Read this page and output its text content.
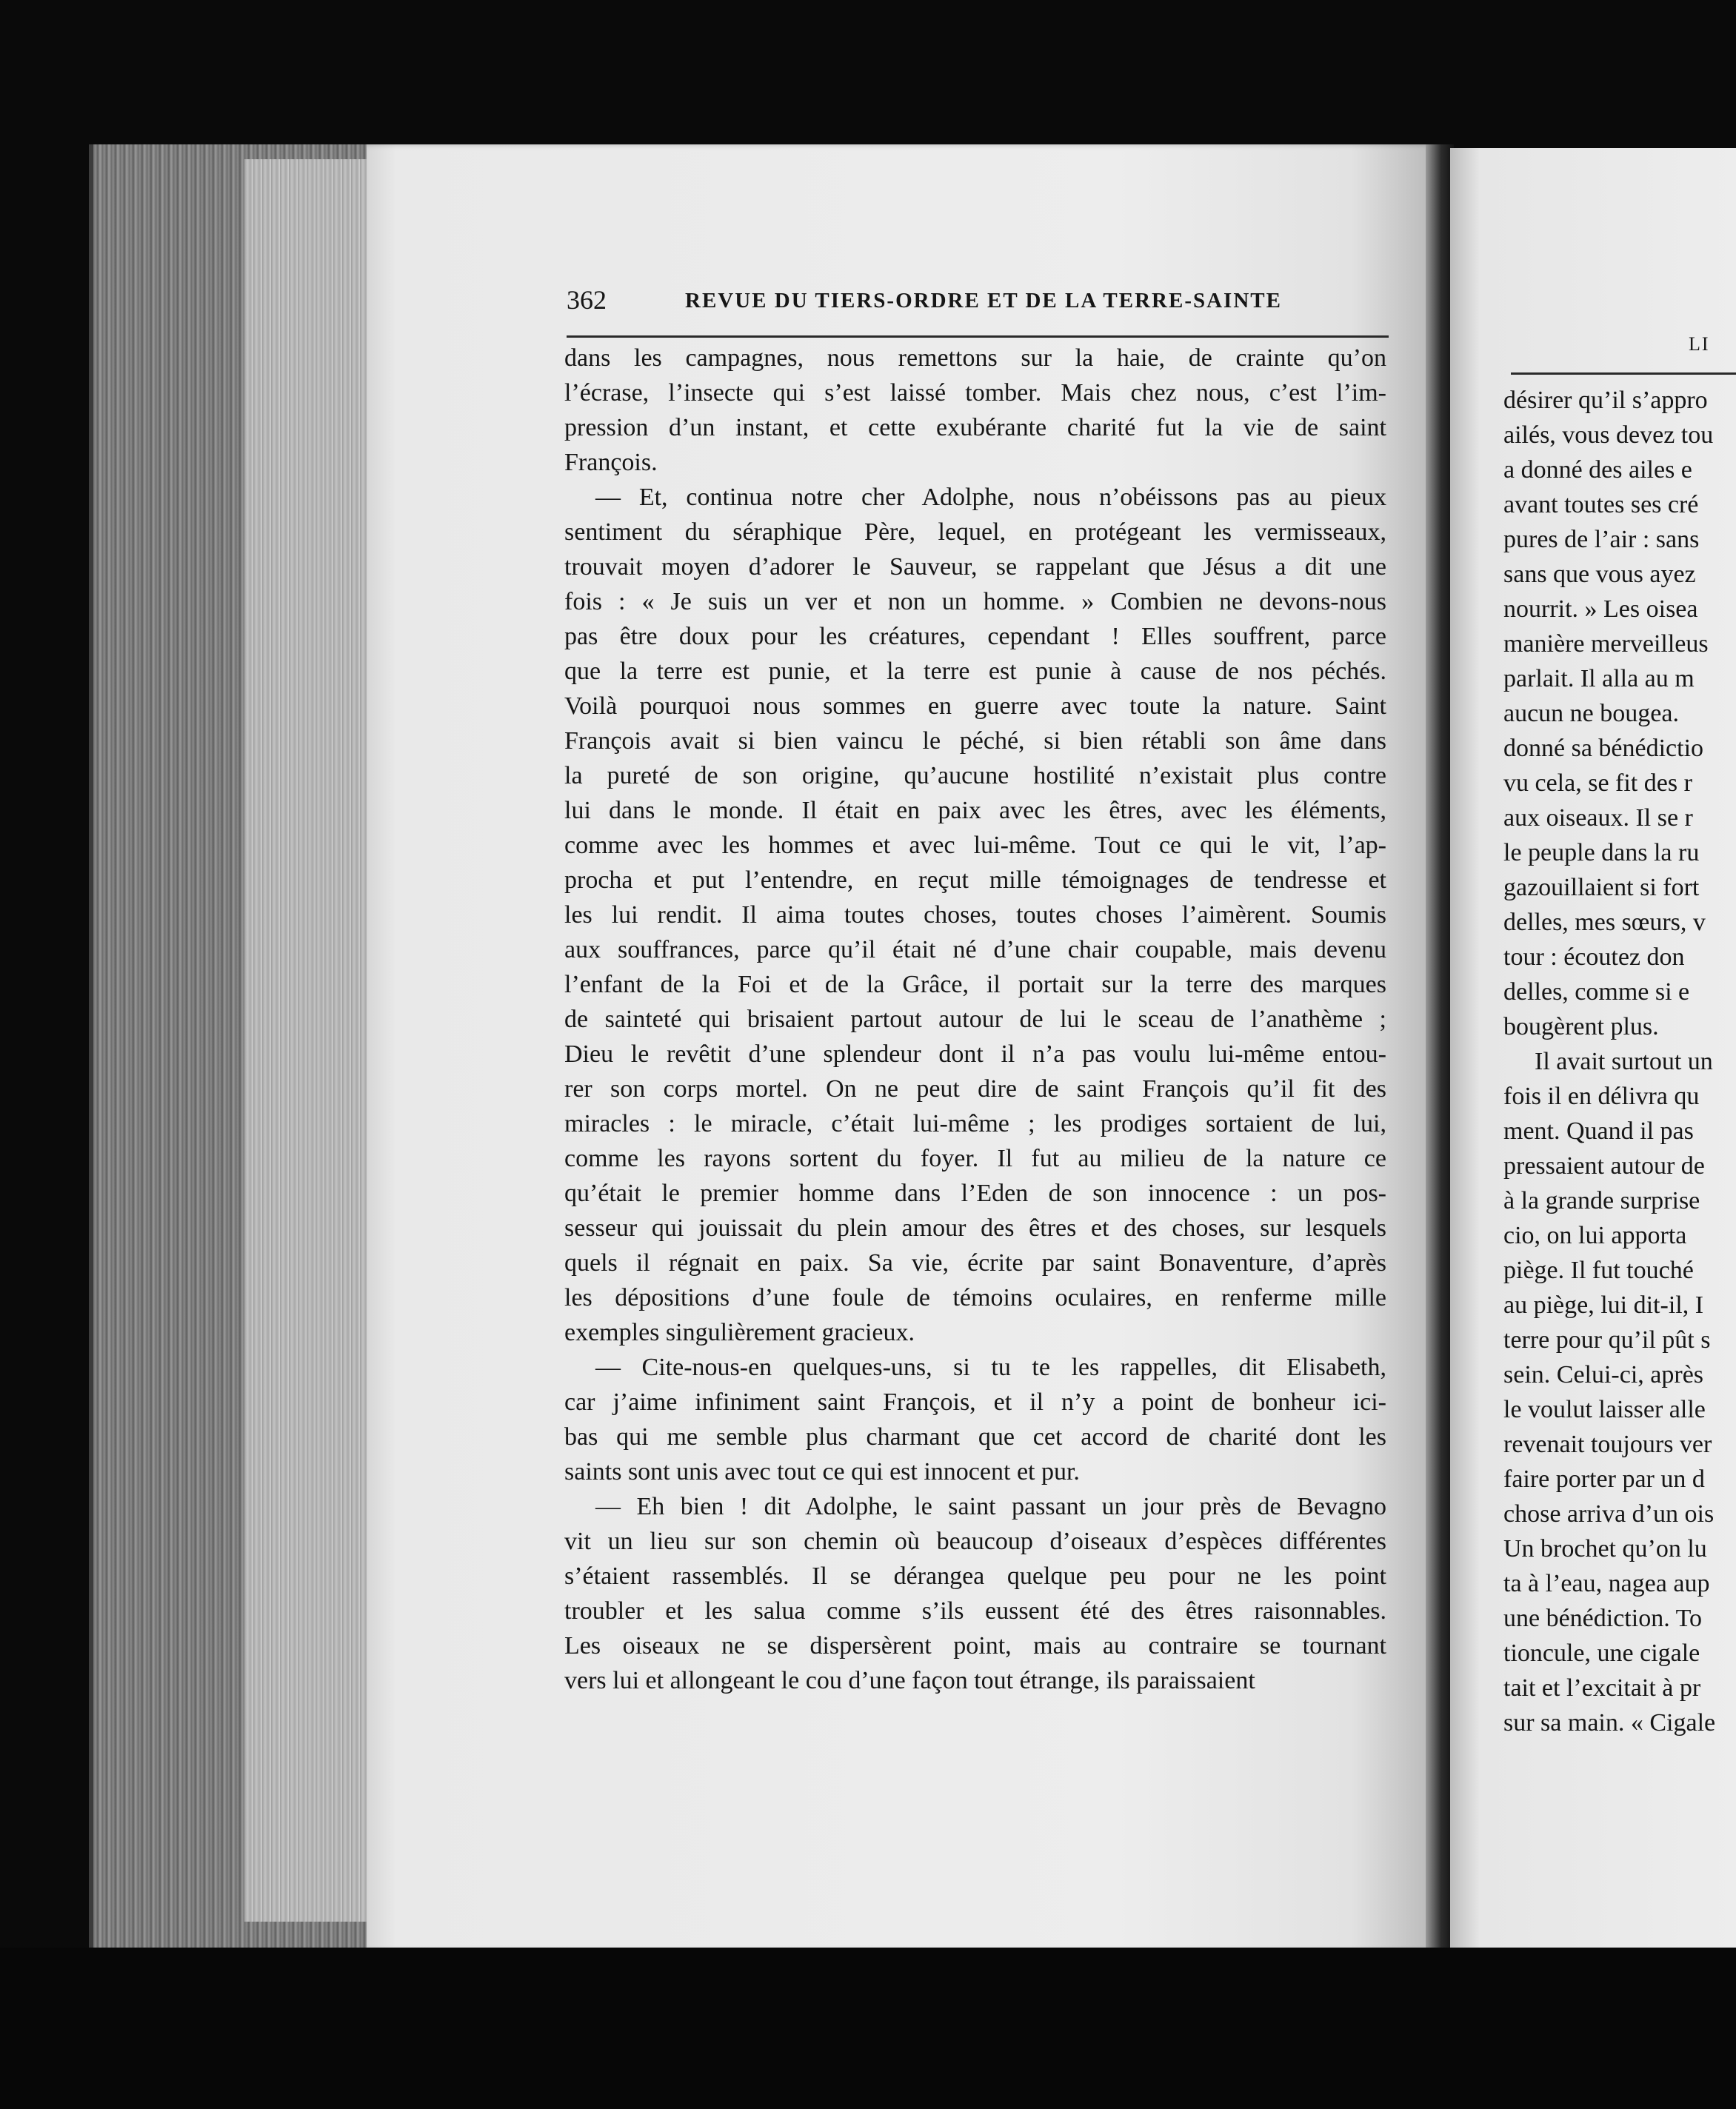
362	REVUE DU TIERS-ORDRE ET DE LA TERRE-SAINTE
dans les campagnes, nous remettons sur la haie, de crainte qu’on
l’écrase, l’insecte qui s’est laissé tomber. Mais chez nous, c’est l’im-
pression d’un instant, et cette exubérante charité fut la vie de saint
François.
— Et, continua notre cher Adolphe, nous n’obéissons pas au pieux
sentiment du séraphique Père, lequel, en protégeant les vermisseaux,
trouvait moyen d’adorer le Sauveur, se rappelant que Jésus a dit une
fois : « Je suis un ver et non un homme. » Combien ne devons-nous
pas être doux pour les créatures, cependant ! Elles souffrent, parce
que la terre est punie, et la terre est punie à cause de nos péchés.
Voilà pourquoi nous sommes en guerre avec toute la nature. Saint
François avait si bien vaincu le péché, si bien rétabli son âme dans
la pureté de son origine, qu’aucune hostilité n’existait plus contre
lui dans le monde. Il était en paix avec les êtres, avec les éléments,
comme avec les hommes et avec lui-même. Tout ce qui le vit, l’ap-
procha et put l’entendre, en reçut mille témoignages de tendresse et
les lui rendit. Il aima toutes choses, toutes choses l’aimèrent. Soumis
aux souffrances, parce qu’il était né d’une chair coupable, mais devenu
l’enfant de la Foi et de la Grâce, il portait sur la terre des marques
de sainteté qui brisaient partout autour de lui le sceau de l’anathème ;
Dieu le revêtit d’une splendeur dont il n’a pas voulu lui-même entou-
rer son corps mortel. On ne peut dire de saint François qu’il fit des
miracles : le miracle, c’était lui-même ; les prodiges sortaient de lui,
comme les rayons sortent du foyer. Il fut au milieu de la nature ce
qu’était le premier homme dans l’Eden de son innocence : un pos-
sesseur qui jouissait du plein amour des êtres et des choses, sur lesquels
quels il régnait en paix. Sa vie, écrite par saint Bonaventure, d’après
les dépositions d’une foule de témoins oculaires, en renferme mille
exemples singulièrement gracieux.
— Cite-nous-en quelques-uns, si tu te les rappelles, dit Elisabeth,
car j’aime infiniment saint François, et il n’y a point de bonheur ici-
bas qui me semble plus charmant que cet accord de charité dont les
saints sont unis avec tout ce qui est innocent et pur.
— Eh bien ! dit Adolphe, le saint passant un jour près de Bevagno
vit un lieu sur son chemin où beaucoup d’oiseaux d’espèces différentes
s’étaient rassemblés. Il se dérangea quelque peu pour ne les point
troubler et les salua comme s’ils eussent été des êtres raisonnables.
Les oiseaux ne se dispersèrent point, mais au contraire se tournant
vers lui et allongeant le cou d’une façon tout étrange, ils paraissaient
LI
désirer qu’il s’appro
ailés, vous devez tou
a donné des ailes e
avant toutes ses cré
pures de l’air : sans
sans que vous ayez
nourrit. » Les oisea
manière merveilleus
parlait. Il alla au m
aucun ne bougea.
donné sa bénédictio
vu cela, se fit des r
aux oiseaux. Il se r
le peuple dans la ru
gazouillaient si fort
delles, mes sœurs, v
tour : écoutez don
delles, comme si e
bougèrent plus.
Il avait surtout un
fois il en délivra qu
ment. Quand il pas
pressaient autour de
à la grande surprise
cio, on lui apporta
piège. Il fut touché
au piège, lui dit-il, I
terre pour qu’il pût s
sein. Celui-ci, après
le voulut laisser alle
revenait toujours ver
faire porter par un d
chose arriva d’un ois
Un brochet qu’on lu
ta à l’eau, nagea aup
une bénédiction. To
tioncule, une cigale
tait et l’excitait à pr
sur sa main. « Cigale
